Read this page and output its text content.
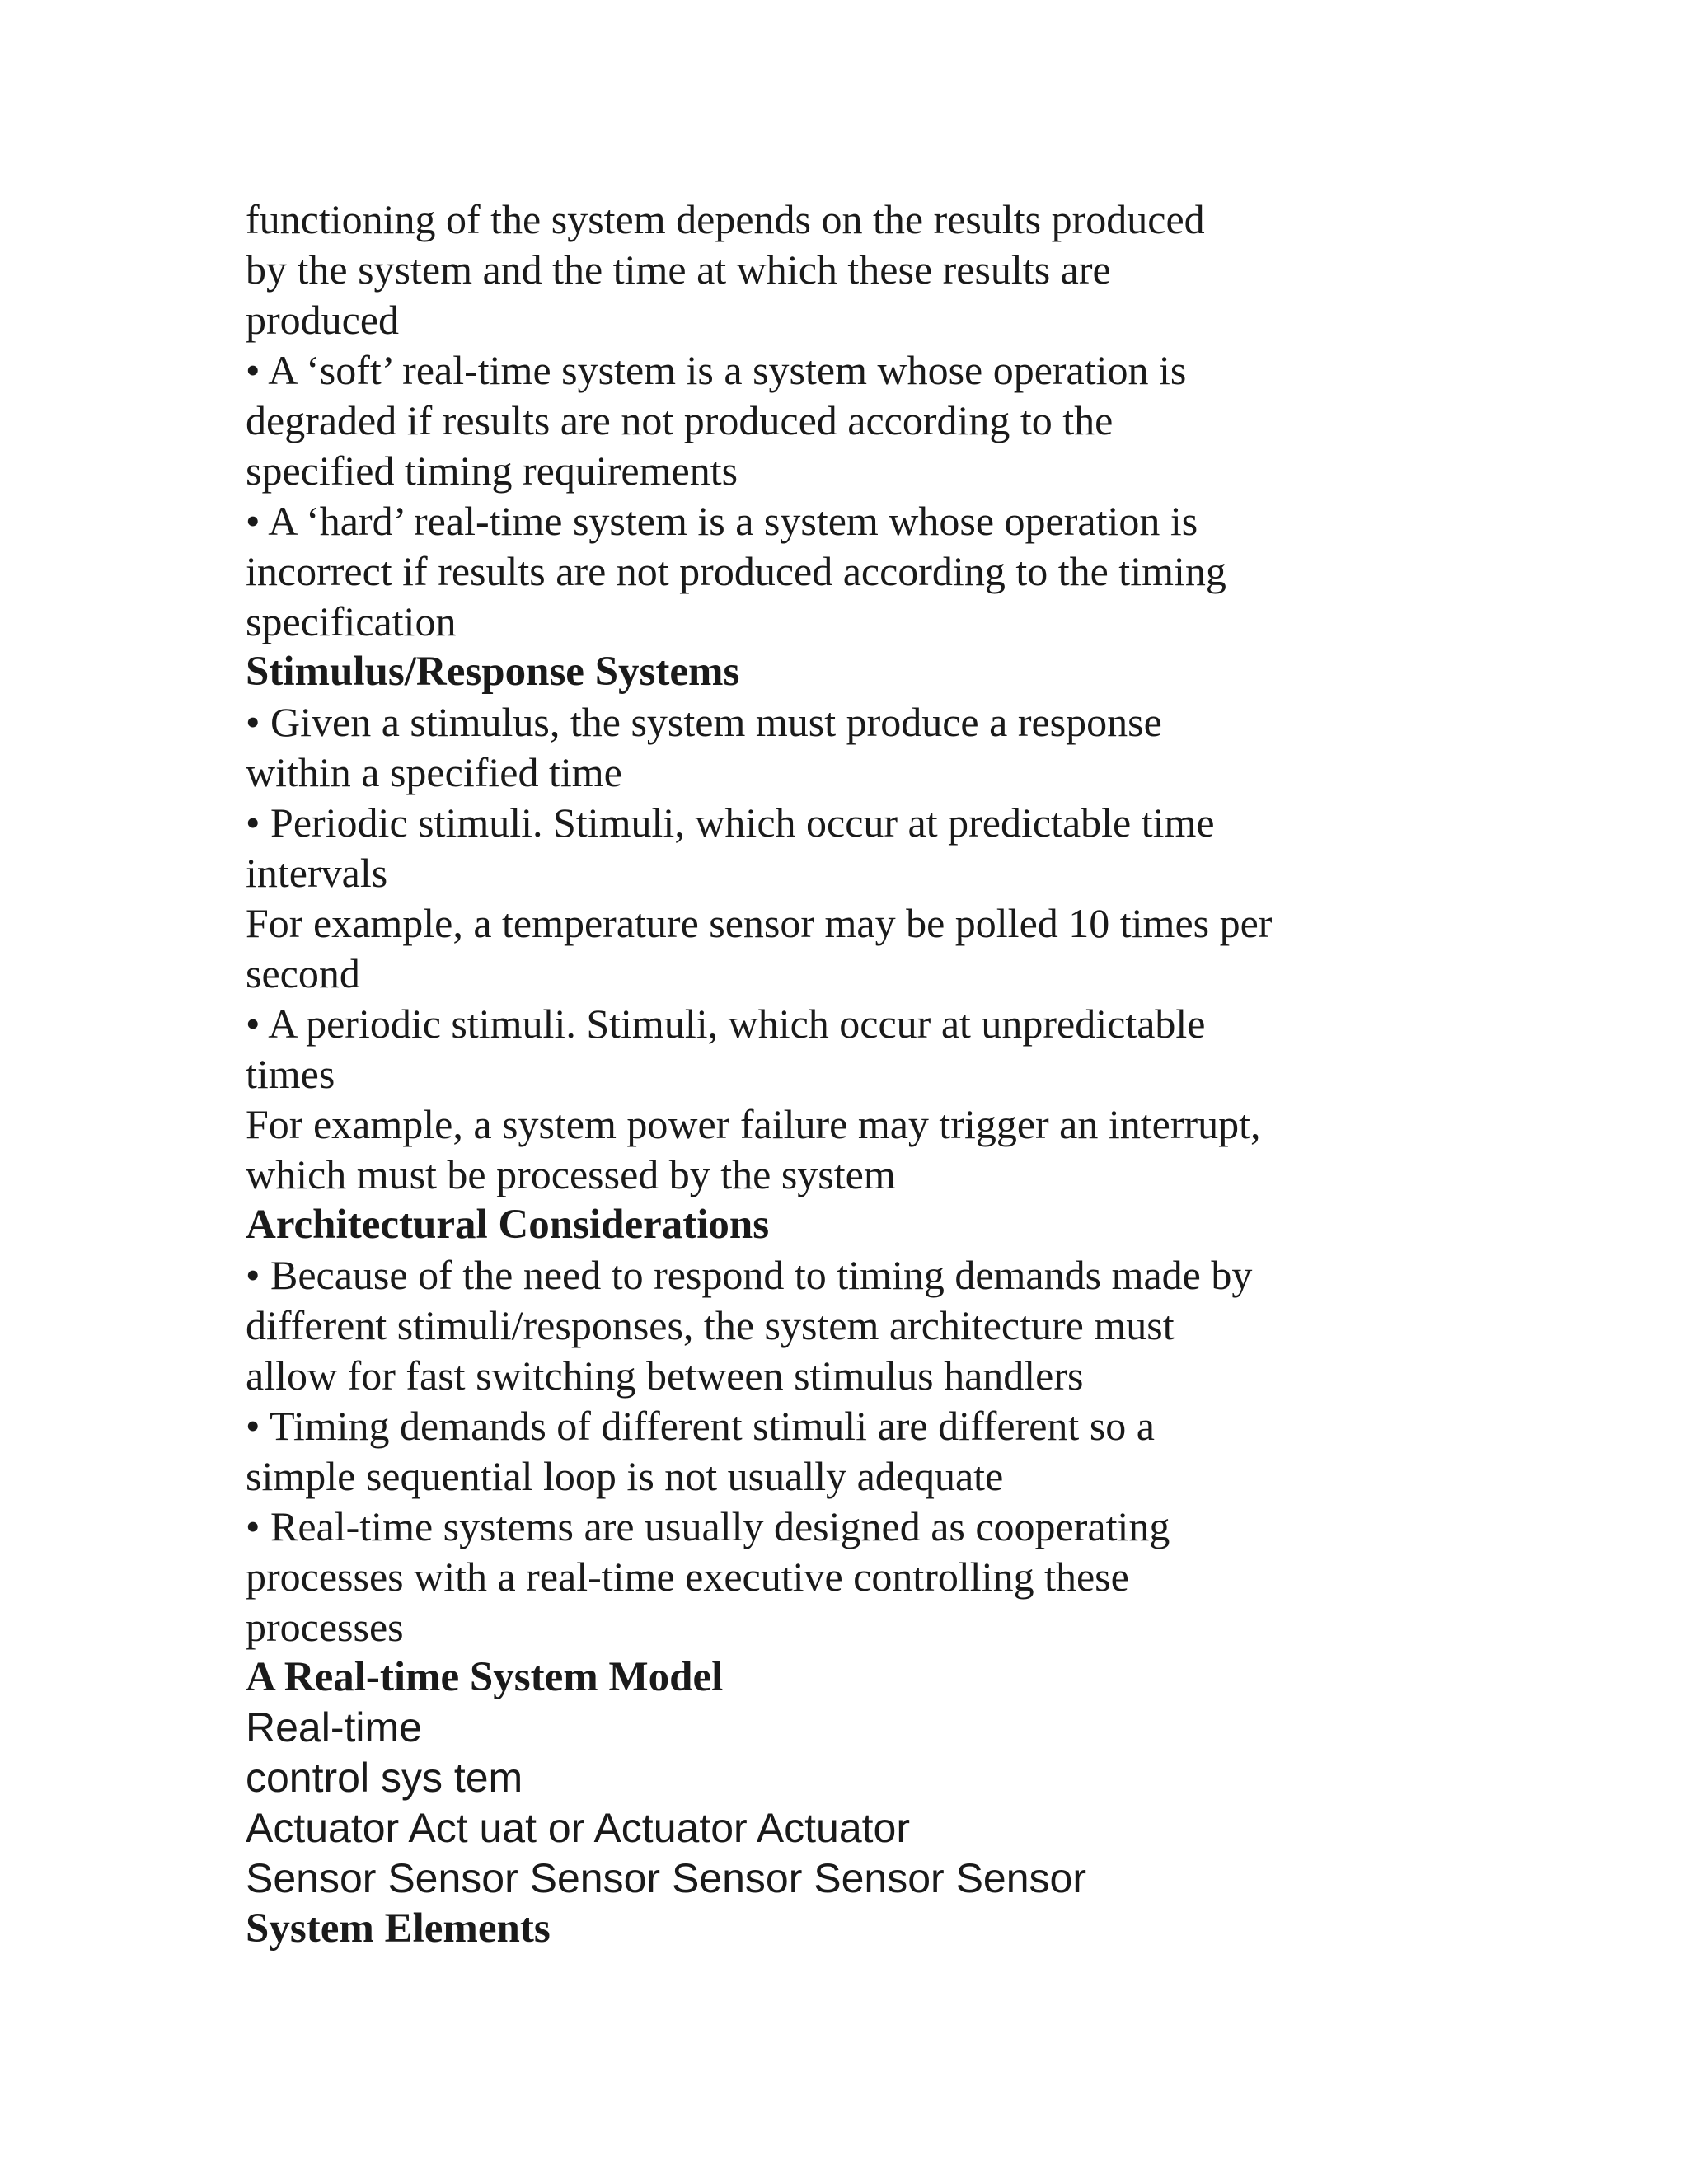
functioning of the system depends on the results produced
by the system and the time at which these results are
produced
• A ‘soft’ real-time system is a system whose operation is
degraded if results are not produced according to the
specified timing requirements
• A ‘hard’ real-time system is a system whose operation is
incorrect if results are not produced according to the timing
specification
Stimulus/Response Systems
• Given a stimulus, the system must produce a response
within a specified time
• Periodic stimuli. Stimuli, which occur at predictable time
intervals
For example, a temperature sensor may be polled 10 times per
second
• A periodic stimuli. Stimuli, which occur at unpredictable
times
For example, a system power failure may trigger an interrupt,
which must be processed by the system
Architectural Considerations
• Because of the need to respond to timing demands made by
different stimuli/responses, the system architecture must
allow for fast switching between stimulus handlers
• Timing demands of different stimuli are different so a
simple sequential loop is not usually adequate
• Real-time systems are usually designed as cooperating
processes with a real-time executive controlling these
processes
A Real-time System Model
Real-time
control sys tem
Actuator Act uat or Actuator Actuator
Sensor Sensor Sensor Sensor Sensor Sensor
System Elements
